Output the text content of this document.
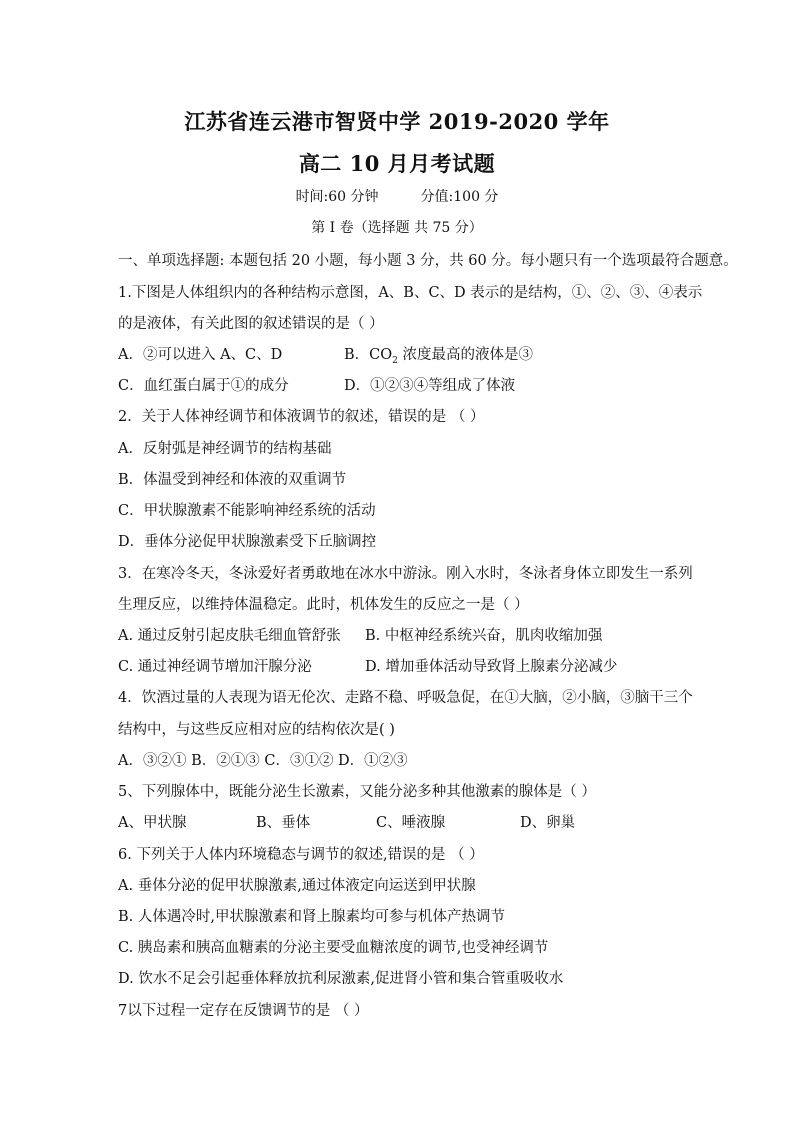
江苏省连云港市智贤中学 2019-2020 学年
高二 10 月月考试题
时间:60 分钟	分值:100 分
第 I 卷（选择题 共 75 分）
一、单项选择题: 本题包括 20 小题，每小题 3 分，共 60 分。每小题只有一个选项最符合题意。
1.下图是人体组织内的各种结构示意图，A、B、C、D 表示的是结构，①、②、③、④表示
的是液体，有关此图的叙述错误的是（ ）
A．②可以进入 A、C、D	B．$CO_2$ 浓度最高的液体是③
C．血红蛋白属于①的成分	D．①②③④等组成了体液
2．关于人体神经调节和体液调节的叙述，错误的是 （ ）
A．反射弧是神经调节的结构基础
B．体温受到神经和体液的双重调节
C．甲状腺激素不能影响神经系统的活动
D．垂体分泌促甲状腺激素受下丘脑调控
3．在寒冷冬天，冬泳爱好者勇敢地在冰水中游泳。刚入水时，冬泳者身体立即发生一系列
生理反应，以维持体温稳定。此时，机体发生的反应之一是（ ）
A. 通过反射引起皮肤毛细血管舒张 B. 中枢神经系统兴奋，肌肉收缩加强
C. 通过神经调节增加汗腺分泌	D. 增加垂体活动导致肾上腺素分泌减少
4．饮酒过量的人表现为语无伦次、走路不稳、呼吸急促，在①大脑，②小脑，③脑干三个
结构中，与这些反应相对应的结构依次是( )
A．③②① B．②①③ C．③①② D．①②③
5、下列腺体中，既能分泌生长激素，又能分泌多种其他激素的腺体是（ ）
A、甲状腺	B、垂体	C、唾液腺	D、卵巢
6. 下列关于人体内环境稳态与调节的叙述,错误的是 （ ）
A. 垂体分泌的促甲状腺激素,通过体液定向运送到甲状腺
B. 人体遇冷时,甲状腺激素和肾上腺素均可参与机体产热调节
C. 胰岛素和胰高血糖素的分泌主要受血糖浓度的调节,也受神经调节
D. 饮水不足会引起垂体释放抗利尿激素,促进肾小管和集合管重吸收水
7以下过程一定存在反馈调节的是 （ ）
